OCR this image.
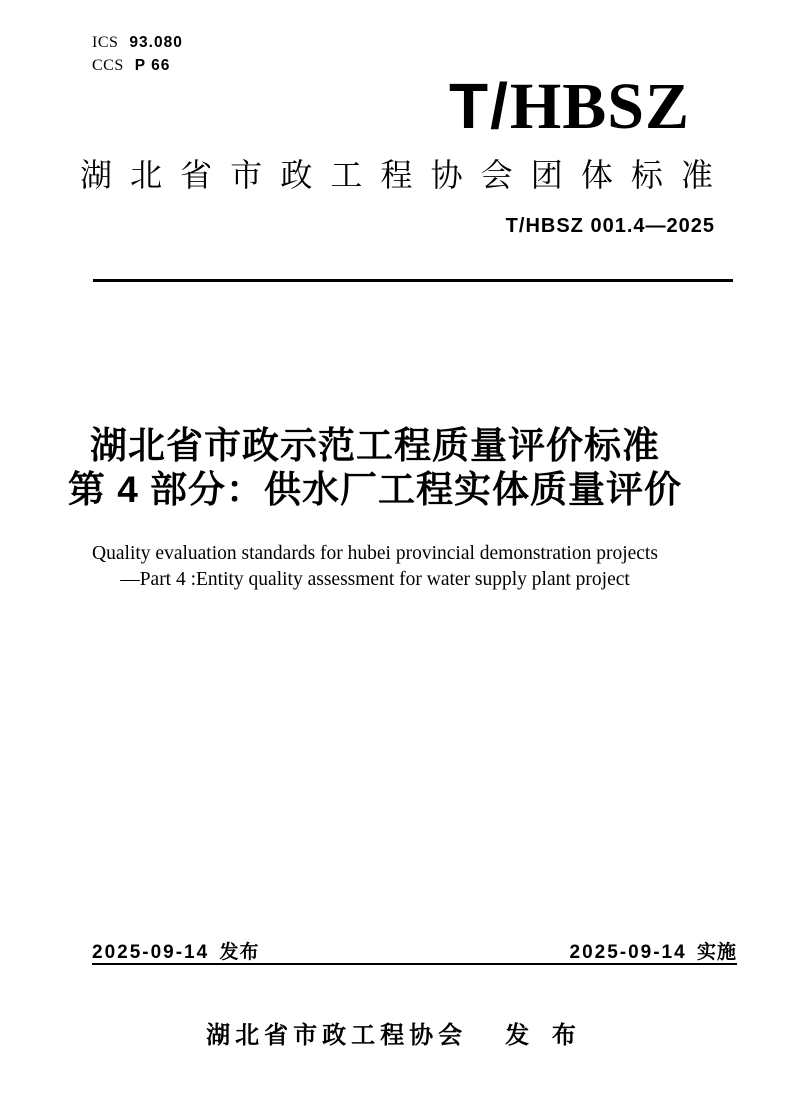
ICS 93.080
CCS P 66
T/HBSZ
湖北省市政工程协会团体标准
T/HBSZ 001.4—2025
湖北省市政示范工程质量评价标准
第 4 部分：供水厂工程实体质量评价
Quality evaluation standards for hubei provincial demonstration projects
—Part 4 :Entity quality assessment for water supply plant project
2025-09-14 发布	2025-09-14 实施
湖北省市政工程协会 发 布
